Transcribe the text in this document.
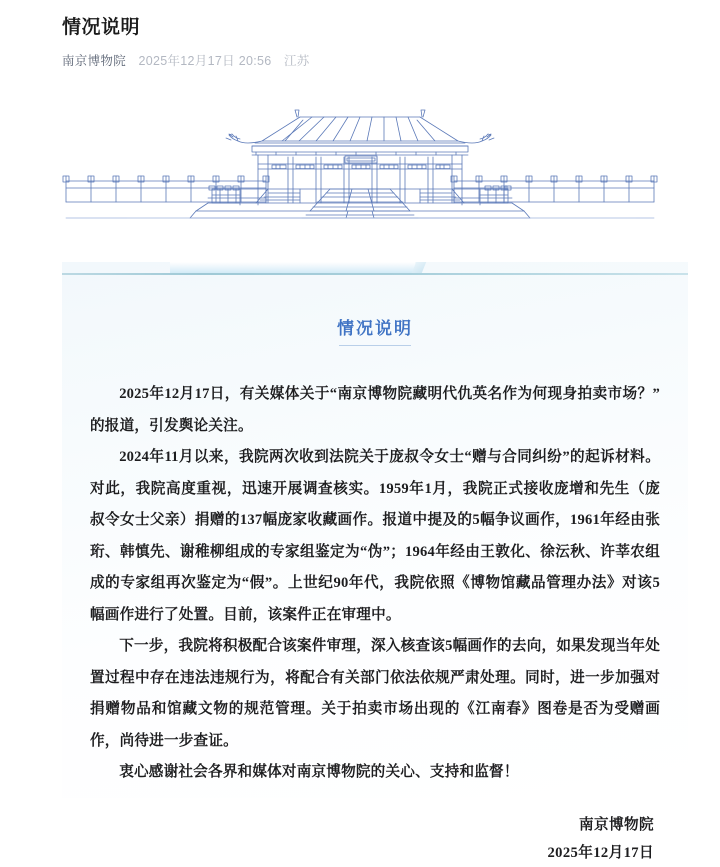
情况说明
南京博物院 2025年12月17日 20:56 江苏
情况说明

2025年12月17日，有关媒体关于“南京博物院藏明代仇英名作为何现身拍卖市场？”的报道，引发舆论关注。

2024年11月以来，我院两次收到法院关于庞叔令女士“赠与合同纠纷”的起诉材料。对此，我院高度重视，迅速开展调查核实。1959年1月，我院正式接收庞增和先生（庞叔令女士父亲）捐赠的137幅庞家收藏画作。报道中提及的5幅争议画作，1961年经由张珩、韩慎先、谢稚柳组成的专家组鉴定为“伪”；1964年经由王敦化、徐沄秋、许莘农组成的专家组再次鉴定为“假”。上世纪90年代，我院依照《博物馆藏品管理办法》对该5幅画作进行了处置。目前，该案件正在审理中。

下一步，我院将积极配合该案件审理，深入核查该5幅画作的去向，如果发现当年处置过程中存在违法违规行为，将配合有关部门依法依规严肃处理。同时，进一步加强对捐赠物品和馆藏文物的规范管理。关于拍卖市场出现的《江南春》图卷是否为受赠画作，尚待进一步查证。

衷心感谢社会各界和媒体对南京博物院的关心、支持和监督！

南京博物院
2025年12月17日
